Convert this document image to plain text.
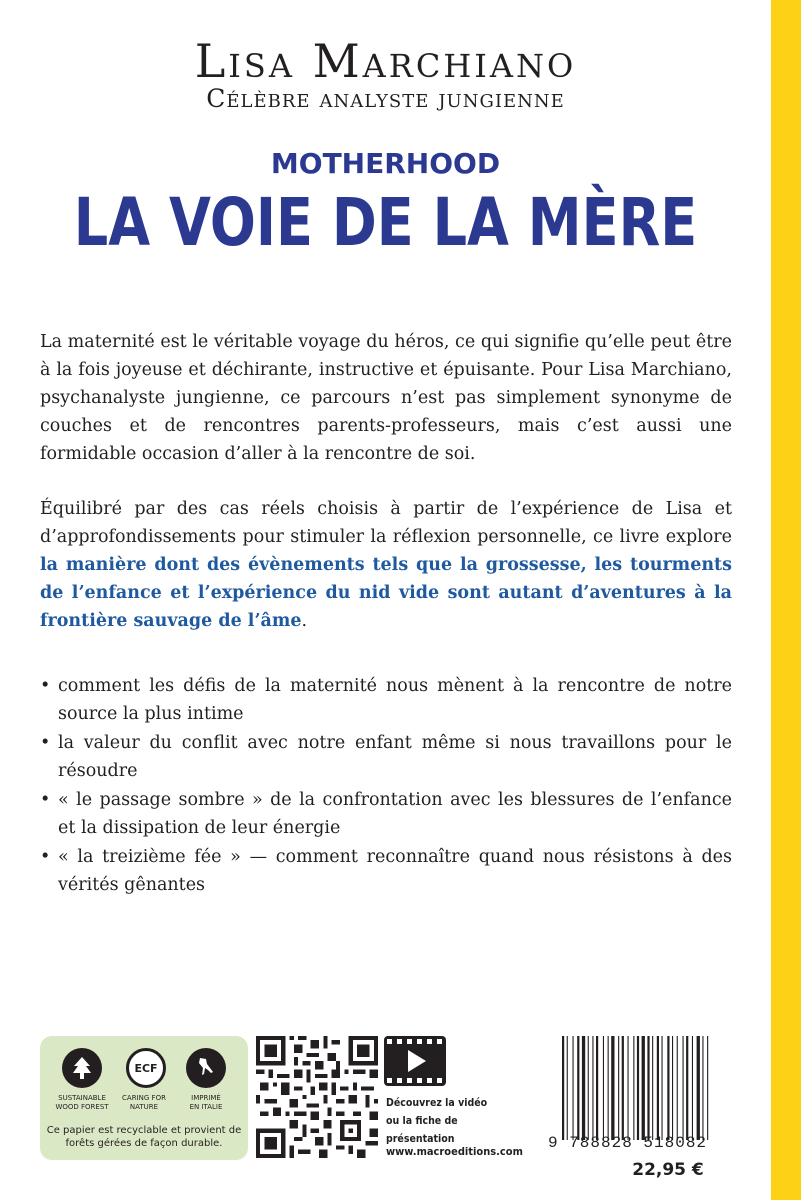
Lisa Marchiano
Célèbre analyste jungienne
MOTHERHOOD
LA VOIE DE LA MÈRE

La maternité est le véritable voyage du héros, ce qui signifie qu’elle peut être à la fois joyeuse et déchirante, instructive et épuisante. Pour Lisa Marchiano, psychanalyste jungienne, ce parcours n’est pas simplement synonyme de couches et de rencontres parents-professeurs, mais c’est aussi une formidable occasion d’aller à la rencontre de soi.

Équilibré par des cas réels choisis à partir de l’expérience de Lisa et d’approfondissements pour stimuler la réflexion personnelle, ce livre explore la manière dont des évènements tels que la grossesse, les tourments de l’enfance et l’expérience du nid vide sont autant d’aventures à la frontière sauvage de l’âme.

• comment les défis de la maternité nous mènent à la rencontre de notre source la plus intime
• la valeur du conflit avec notre enfant même si nous travaillons pour le résoudre
• « le passage sombre » de la confrontation avec les blessures de l’enfance et la dissipation de leur énergie
• « la treizième fée » — comment reconnaître quand nous résistons à des vérités gênantes
ECF
SUSTAINABLE
WOOD FOREST
CARING FOR
NATURE
IMPRIMÉ
EN ITALIE
Ce papier est recyclable et provient de forêts gérées de façon durable.
Découvrez la vidéo
ou la fiche de présentation
www.macroeditions.com	9 788828 518082
22,95 €
